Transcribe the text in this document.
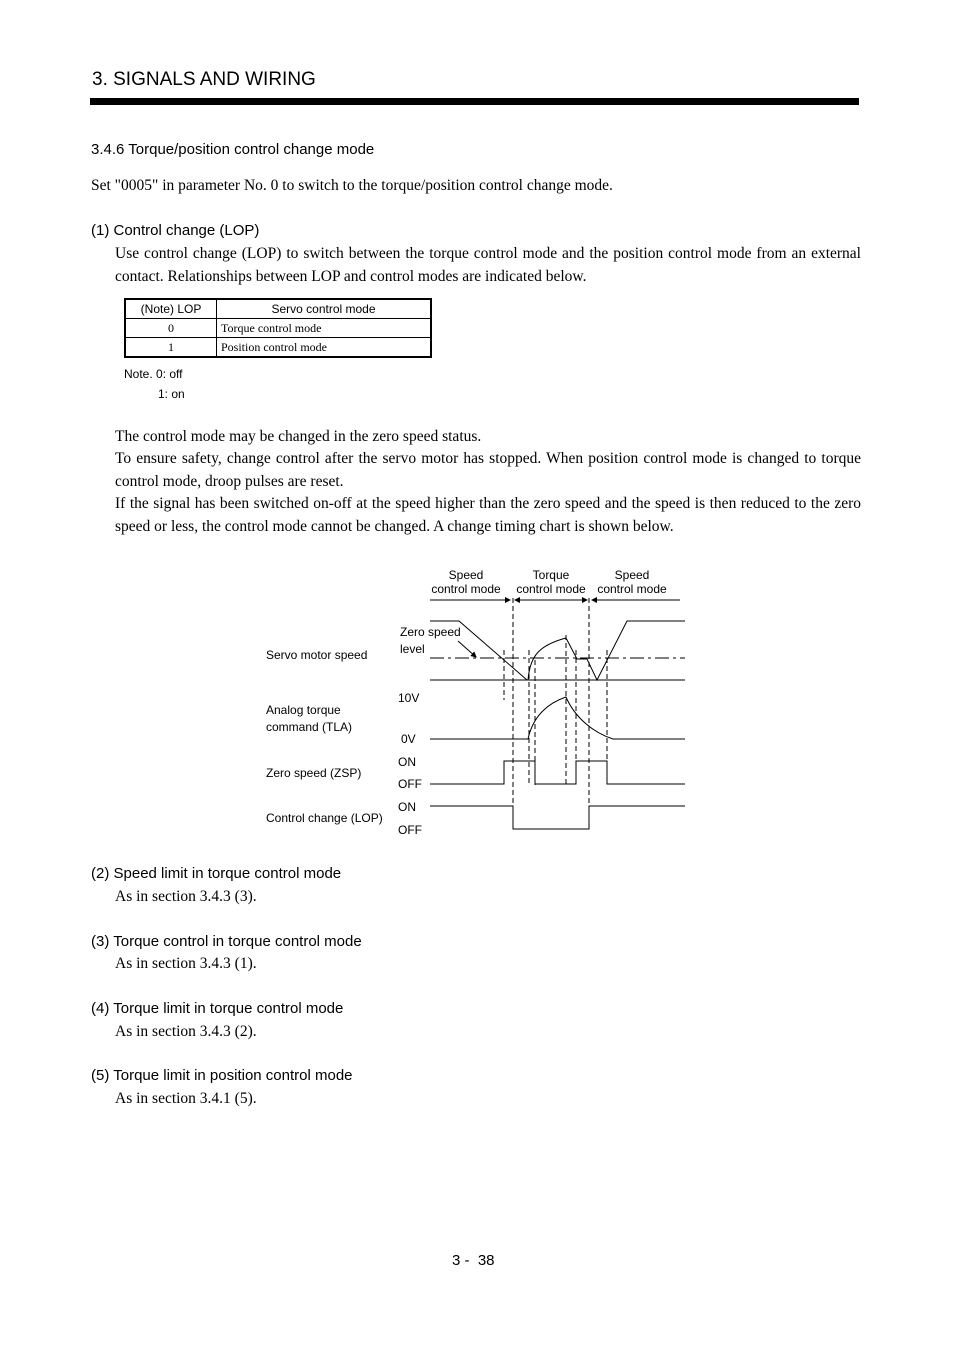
3. SIGNALS AND WIRING
3.4.6 Torque/position control change mode
Set "0005" in parameter No. 0 to switch to the torque/position control change mode.
(1) Control change (LOP)
Use control change (LOP) to switch between the torque control mode and the position control mode from an external contact. Relationships between LOP and control modes are indicated below.
(Note) LOP	Servo control mode
0	Torque control mode
1	Position control mode
Note. 0: off
1: on
The control mode may be changed in the zero speed status.
To ensure safety, change control after the servo motor has stopped. When position control mode is changed to torque control mode, droop pulses are reset.
If the signal has been switched on-off at the speed higher than the zero speed and the speed is then reduced to the zero speed or less, the control mode cannot be changed. A change timing chart is shown below.
Speed
control mode
Torque
control mode
Speed
control mode
Zero speed
level
Servo motor speed
Analog torque
command (TLA)
10V
0V
Zero speed (ZSP)
ON
OFF
Control change (LOP)
ON
OFF
(2) Speed limit in torque control mode
As in section 3.4.3 (3).
(3) Torque control in torque control mode
As in section 3.4.3 (1).
(4) Torque limit in torque control mode
As in section 3.4.3 (2).
(5) Torque limit in position control mode
As in section 3.4.1 (5).
3 -  38
